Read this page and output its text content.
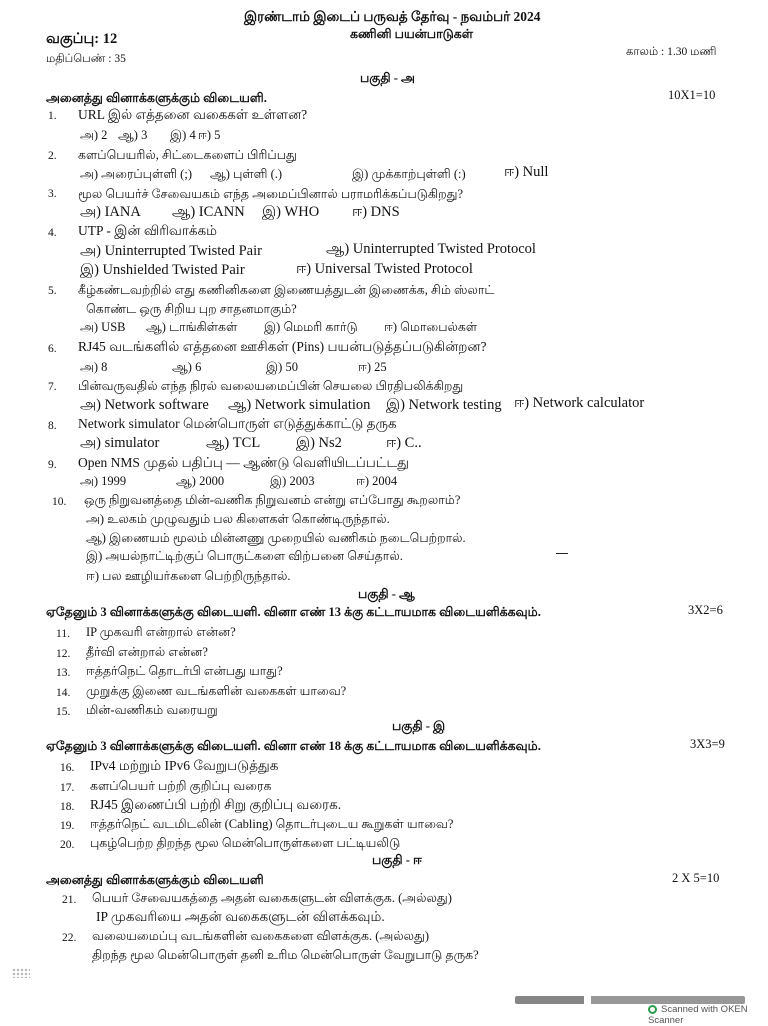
இரண்டாம் இடைப் பருவத் தேர்வு - நவம்பர் 2024
வகுப்பு: 12	கணினி பயன்பாடுகள்
மதிப்பெண் : 35
காலம் : 1.30 மணி
பகுதி - அ
அனைத்து வினாக்களுக்கும் விடையளி.	10X1=10
1.	URL இல் எத்தனை வகைகள் உள்ளன?
அ) 2 ஆ) 3 இ) 4 ஈ) 5
2.	களப்பெயரில், சிட்டைகளைப் பிரிப்பது
அ) அரைப்புள்ளி (;) ஆ) புள்ளி (.)	இ) முக்காற்புள்ளி (:)	ஈ) Null
3.	மூல பெயர்ச் சேவையகம் எந்த அமைப்பினால் பராமரிக்கப்படுகிறது?
அ) IANA ஆ) ICANN இ) WHO ஈ) DNS
4.	UTP - இன் விரிவாக்கம்
அ) Uninterrupted Twisted Pair	ஆ) Uninterrupted Twisted Protocol
இ) Unshielded Twisted Pair	ஈ) Universal Twisted Protocol
5.	கீழ்கண்டவற்றில் எது கணினிகளை இணையத்துடன் இணைக்க, சிம் ஸ்லாட்
கொண்ட ஒரு சிறிய புற சாதனமாகும்?
அ) USB ஆ) டாங்கிள்கள் இ) மெமரி கார்டு ஈ) மொபைல்கள்
6.	RJ45 வடங்களில் எத்தனை ஊசிகள் (Pins) பயன்படுத்தப்படுகின்றன?
அ) 8	ஆ) 6	இ) 50	ஈ) 25
7.	பின்வருவதில் எந்த நிரல் வலையமைப்பின் செயலை பிரதிபலிக்கிறது
அ) Network software ஆ) Network simulation இ) Network testing ஈ) Network calculator
8.	Network simulator மென்பொருள் எடுத்துக்காட்டு தருக
அ) simulator	ஆ) TCL இ) Ns2	ஈ) C..
9.	Open NMS முதல் பதிப்பு — ஆண்டு வெளியிடப்பட்டது
அ) 1999	ஆ) 2000	இ) 2003	ஈ) 2004
10.	ஒரு நிறுவனத்தை மின்-வணிக நிறுவனம் என்று எப்போது கூறலாம்?
அ) உலகம் முழுவதும் பல கிளைகள் கொண்டிருந்தால்.
ஆ) இணையம் மூலம் மின்னணு முறையில் வணிகம் நடைபெற்றால்.
இ) அயல்நாட்டிற்குப் பொருட்களை விற்பனை செய்தால்.
ஈ) பல ஊழியர்களை பெற்றிருந்தால்.
பகுதி - ஆ
ஏதேனும் 3 வினாக்களுக்கு விடையளி. வினா எண் 13 க்கு கட்டாயமாக விடையளிக்கவும்.	3X2=6
11.	IP முகவரி என்றால் என்ன?
12.	தீர்வி என்றால் என்ன?
13.	ஈத்தர்நெட் தொடர்பி என்பது யாது?
14.	முறுக்கு இணை வடங்களின் வகைகள் யாவை?
15.	மின்-வணிகம் வரையறு
பகுதி - இ
ஏதேனும் 3 வினாக்களுக்கு விடையளி. வினா எண் 18 க்கு கட்டாயமாக விடையளிக்கவும்.	3X3=9
16.	IPv4 மற்றும் IPv6 வேறுபடுத்துக
17.	களப்பெயர் பற்றி குறிப்பு வரைக
18.	RJ45 இணைப்பி பற்றி சிறு குறிப்பு வரைக.
19.	ஈத்தர்நெட் வடமிடலின் (Cabling) தொடர்புடைய கூறுகள் யாவை?
20.	புகழ்பெற்ற திறந்த மூல மென்பொருள்களை பட்டியலிடு
பகுதி - ஈ
அனைத்து வினாக்களுக்கும் விடையளி	2 X 5=10
21.	பெயர் சேவையகத்தை அதன் வகைகளுடன் விளக்குக. (அல்லது)
IP முகவரியை அதன் வகைகளுடன் விளக்கவும்.
22.	வலையமைப்பு வடங்களின் வகைகளை விளக்குக. (அல்லது)
திறந்த மூல மென்பொருள் தனி உரிம மென்பொருள் வேறுபாடு தருக?
Scanned with OKEN Scanner
